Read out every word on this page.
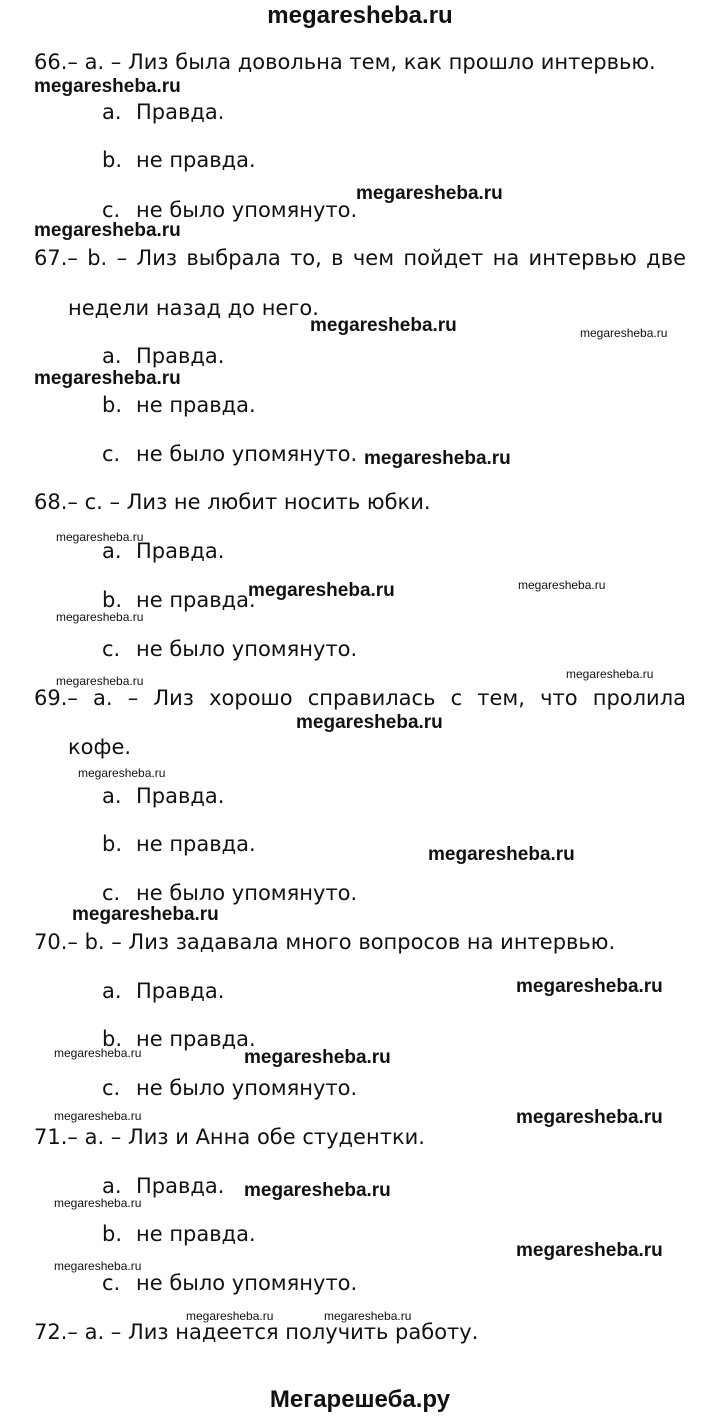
megaresheba.ru
66.– a. – Лиз была довольна тем, как прошло интервью.
a. Правда.
b. не правда.
c. не было упомянуто.
67.– b. – Лиз выбрала то, в чем пойдет на интервью две
недели назад до него.
a. Правда.
b. не правда.
c. не было упомянуто.
68.– c. – Лиз не любит носить юбки.
a. Правда.
b. не правда.
c. не было упомянуто.
69.– a. – Лиз хорошо справилась с тем, что пролила
кофе.
a. Правда.
b. не правда.
c. не было упомянуто.
70.– b. – Лиз задавала много вопросов на интервью.
a. Правда.
b. не правда.
c. не было упомянуто.
71.– a. – Лиз и Анна обе студентки.
a. Правда.
b. не правда.
c. не было упомянуто.
72.– a. – Лиз надеется получить работу.
megaresheba.ru
megaresheba.ru
megaresheba.ru
megaresheba.ru	megaresheba.ru
megaresheba.ru
megaresheba.ru
megaresheba.ru
megaresheba.ru	megaresheba.ru
megaresheba.ru
megaresheba.ru
megaresheba.ru
megaresheba.ru
megaresheba.ru
megaresheba.ru
megaresheba.ru
megaresheba.ru
megaresheba.ru	megaresheba.ru
megaresheba.ru	megaresheba.ru
megaresheba.ru
megaresheba.ru
megaresheba.ru
megaresheba.ru
megaresheba.ru	megaresheba.ru
Мегарешеба.ру
